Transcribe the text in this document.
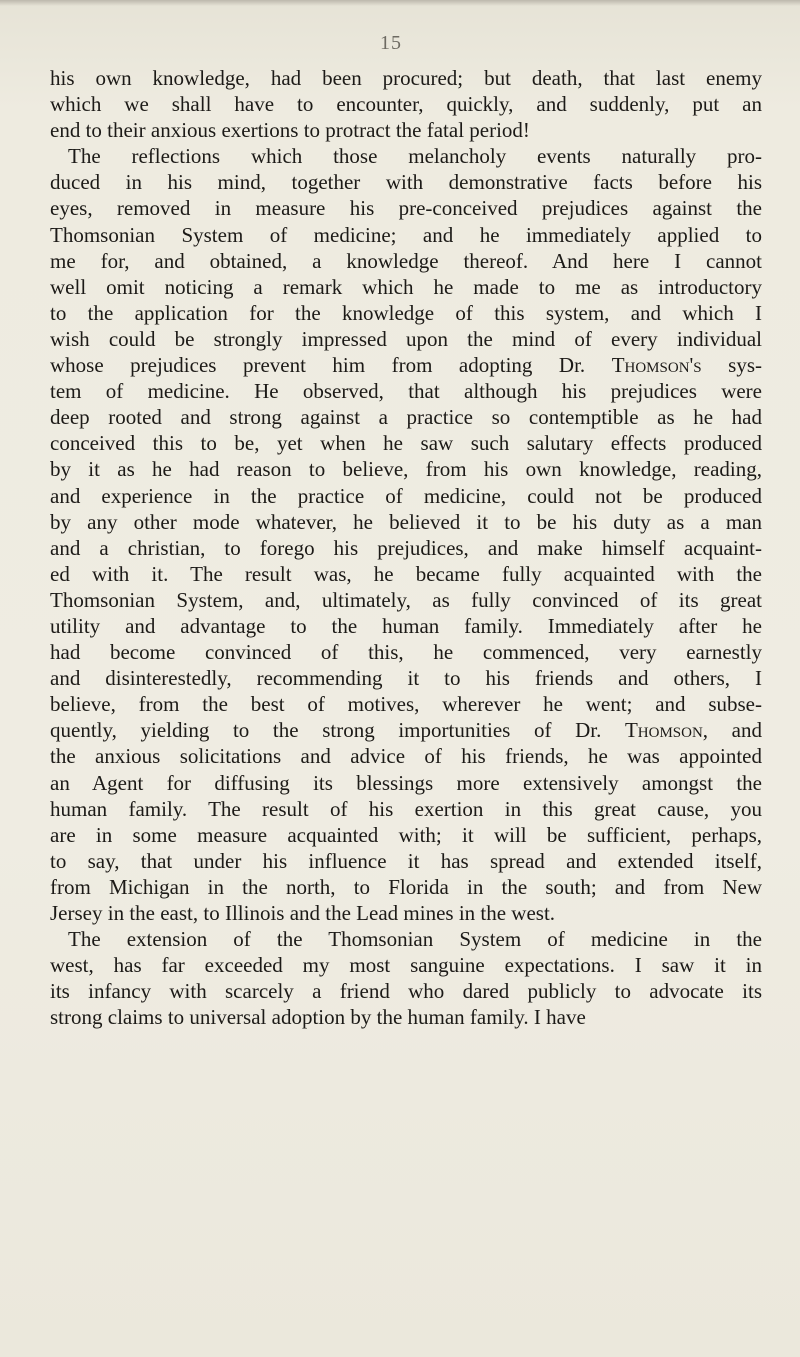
15
his own knowledge, had been procured; but death, that last enemy
which we shall have to encounter, quickly, and suddenly, put an
end to their anxious exertions to protract the fatal period!
The reflections which those melancholy events naturally pro-
duced in his mind, together with demonstrative facts before his
eyes, removed in measure his pre-conceived prejudices against the
Thomsonian System of medicine; and he immediately applied to
me for, and obtained, a knowledge thereof. And here I cannot
well omit noticing a remark which he made to me as introductory
to the application for the knowledge of this system, and which I
wish could be strongly impressed upon the mind of every individual
whose prejudices prevent him from adopting Dr. Thomson's sys-
tem of medicine. He observed, that although his prejudices were
deep rooted and strong against a practice so contemptible as he had
conceived this to be, yet when he saw such salutary effects produced
by it as he had reason to believe, from his own knowledge, reading,
and experience in the practice of medicine, could not be produced
by any other mode whatever, he believed it to be his duty as a man
and a christian, to forego his prejudices, and make himself acquaint-
ed with it. The result was, he became fully acquainted with the
Thomsonian System, and, ultimately, as fully convinced of its great
utility and advantage to the human family. Immediately after he
had become convinced of this, he commenced, very earnestly
and disinterestedly, recommending it to his friends and others, I
believe, from the best of motives, wherever he went; and subse-
quently, yielding to the strong importunities of Dr. Thomson, and
the anxious solicitations and advice of his friends, he was appointed
an Agent for diffusing its blessings more extensively amongst the
human family. The result of his exertion in this great cause, you
are in some measure acquainted with; it will be sufficient, perhaps,
to say, that under his influence it has spread and extended itself,
from Michigan in the north, to Florida in the south; and from New
Jersey in the east, to Illinois and the Lead mines in the west.
The extension of the Thomsonian System of medicine in the
west, has far exceeded my most sanguine expectations. I saw it in
its infancy with scarcely a friend who dared publicly to advocate its
strong claims to universal adoption by the human family. I have
